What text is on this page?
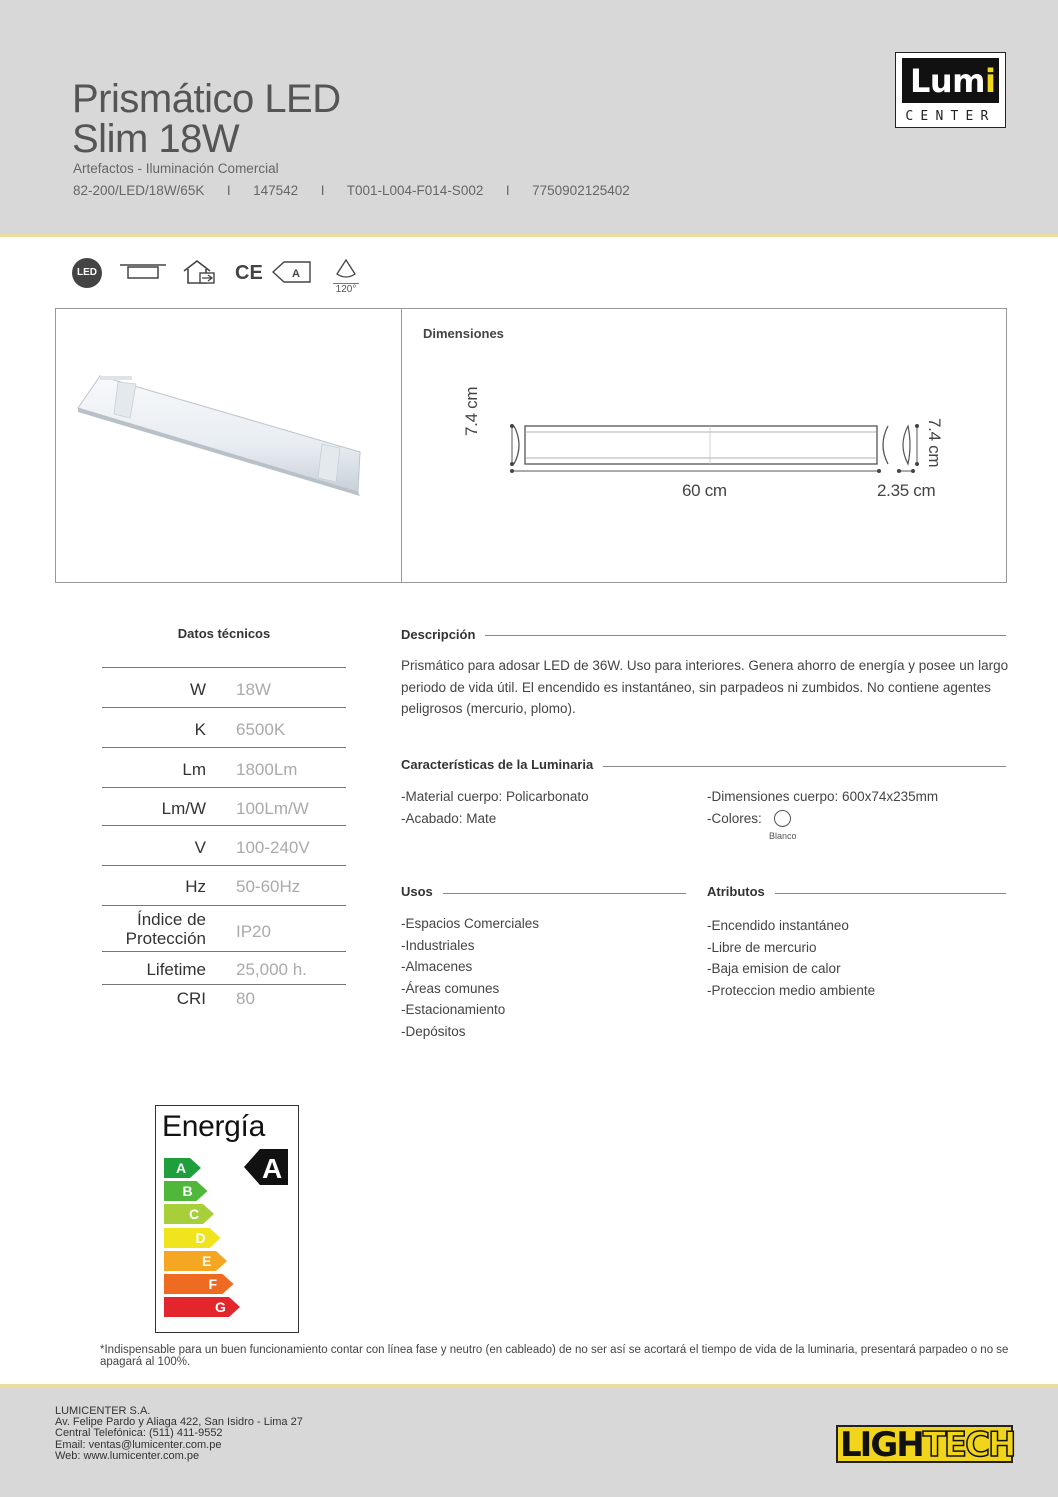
Prismático LED
Slim 18W
Artefactos - Iluminación Comercial
82-200/LED/18W/65K I 147542 I T001-L004-F014-S002 I 7750902125402
Lumi
CENTER
LED	CE	A
120°
Dimensiones
7.4 cm
7.4 cm
60 cm	2.35 cm
Datos técnicos
W 18W
K 6500K
Lm 1800Lm
Lm/W 100Lm/W
V 100-240V
Hz 50-60Hz
Índice de
Protección IP20
Lifetime 25,000 h.
CRI 80
Descripción
Prismático para adosar LED de 36W. Uso para interiores. Genera ahorro de energía y posee un largo
periodo de vida útil. El encendido es instantáneo, sin parpadeos ni zumbidos. No contiene agentes
peligrosos (mercurio, plomo).
Características de la Luminaria
-Material cuerpo: Policarbonato
-Acabado: Mate
-Dimensiones cuerpo: 600x74x235mm
-Colores:
Blanco
Usos
-Espacios Comerciales
-Industriales
-Almacenes
-Áreas comunes
-Estacionamiento
-Depósitos
Atributos
-Encendido instantáneo
-Libre de mercurio
-Baja emision de calor
-Proteccion medio ambiente
Energía
A
B
C
D
E
F
G
A
*Indispensable para un buen funcionamiento contar con línea fase y neutro (en cableado) de no ser así se acortará el tiempo de vida de la luminaria, presentará parpadeo o no se apagará al 100%.
LUMICENTER S.A.
Av. Felipe Pardo y Aliaga 422, San Isidro - Lima 27
Central Telefónica: (511) 411-9552
Email: ventas@lumicenter.com.pe
Web: www.lumicenter.com.pe	LIGHTECH
